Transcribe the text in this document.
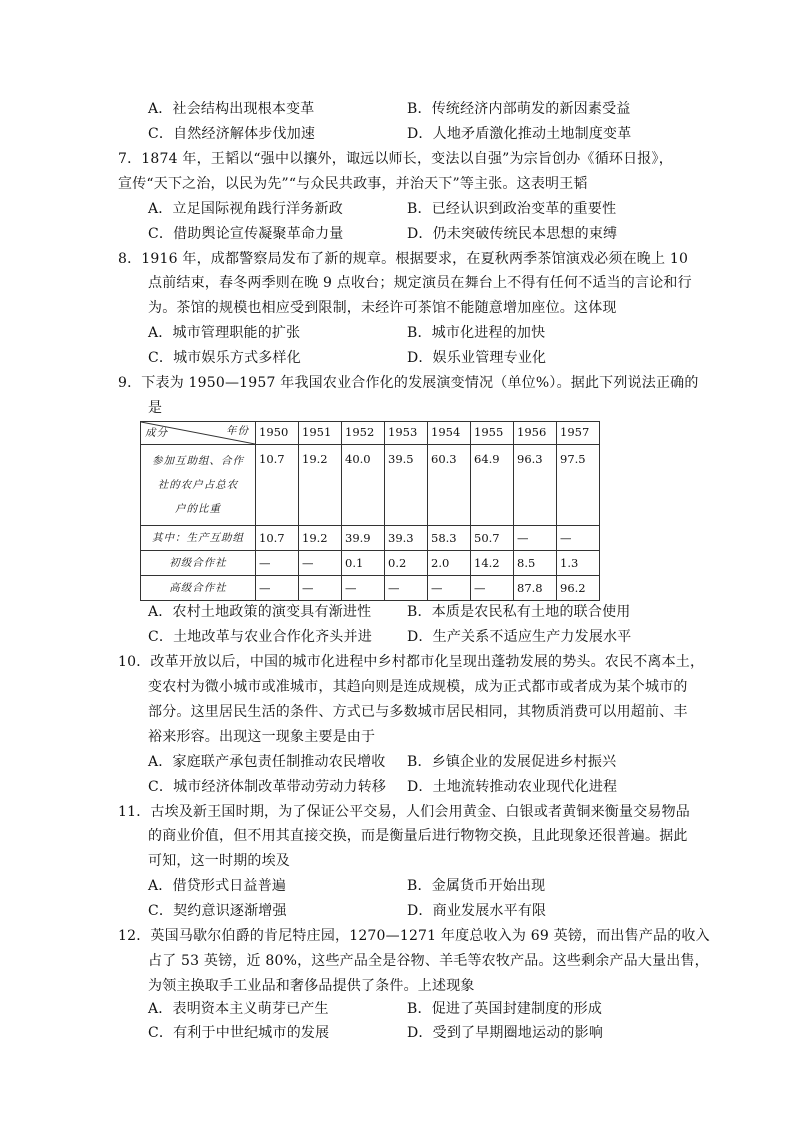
A．社会结构出现根本变革	B．传统经济内部萌发的新因素受益
C．自然经济解体步伐加速	D．人地矛盾激化推动土地制度变革
7．1874 年，王韬以“强中以攘外，诹远以师长，变法以自强”为宗旨创办《循环日报》，
宣传“天下之治，以民为先”“与众民共政事，并治天下”等主张。这表明王韬
A．立足国际视角践行洋务新政	B．已经认识到政治变革的重要性
C．借助舆论宣传凝聚革命力量	D．仍未突破传统民本思想的束缚
8．1916 年，成都警察局发布了新的规章。根据要求，在夏秋两季茶馆演戏必须在晚上 10
点前结束，春冬两季则在晚 9 点收台；规定演员在舞台上不得有任何不适当的言论和行
为。茶馆的规模也相应受到限制，未经许可茶馆不能随意增加座位。这体现
A．城市管理职能的扩张	B．城市化进程的加快
C．城市娱乐方式多样化	D．娱乐业管理专业化
9．下表为 1950—1957 年我国农业合作化的发展演变情况（单位%）。据此下列说法正确的
是
成分 年份	1950	1951	1952	1953	1954	1955	1956	1957

参加互助组、合作
社的农户占总农
户的比重	10.7	19.2	40.0	39.5	60.3	64.9	96.3	97.5
其中：生产互助组	10.7	19.2	39.9	39.3	58.3	50.7	—	—
初级合作社	—	—	0.1	0.2	2.0	14.2	8.5	1.3
高级合作社	—	—	—	—	—	—	87.8	96.2
A．农村土地政策的演变具有渐进性	B．本质是农民私有土地的联合使用
C．土地改革与农业合作化齐头并进	D．生产关系不适应生产力发展水平
10．改革开放以后，中国的城市化进程中乡村都市化呈现出蓬勃发展的势头。农民不离本土，
变农村为微小城市或准城市，其趋向则是连成规模，成为正式都市或者成为某个城市的
部分。这里居民生活的条件、方式已与多数城市居民相同，其物质消费可以用超前、丰
裕来形容。出现这一现象主要是由于
A．家庭联产承包责任制推动农民增收 B．乡镇企业的发展促进乡村振兴
C．城市经济体制改革带动劳动力转移 D．土地流转推动农业现代化进程
11．古埃及新王国时期，为了保证公平交易，人们会用黄金、白银或者黄铜来衡量交易物品
的商业价值，但不用其直接交换，而是衡量后进行物物交换，且此现象还很普遍。据此
可知，这一时期的埃及
A．借贷形式日益普遍	B．金属货币开始出现
C．契约意识逐渐增强	D．商业发展水平有限
12．英国马歇尔伯爵的肯尼特庄园，1270—1271 年度总收入为 69 英镑，而出售产品的收入
占了 53 英镑，近 80%，这些产品全是谷物、羊毛等农牧产品。这些剩余产品大量出售，
为领主换取手工业品和奢侈品提供了条件。上述现象
A．表明资本主义萌芽已产生	B．促进了英国封建制度的形成
C．有利于中世纪城市的发展	D．受到了早期圈地运动的影响
